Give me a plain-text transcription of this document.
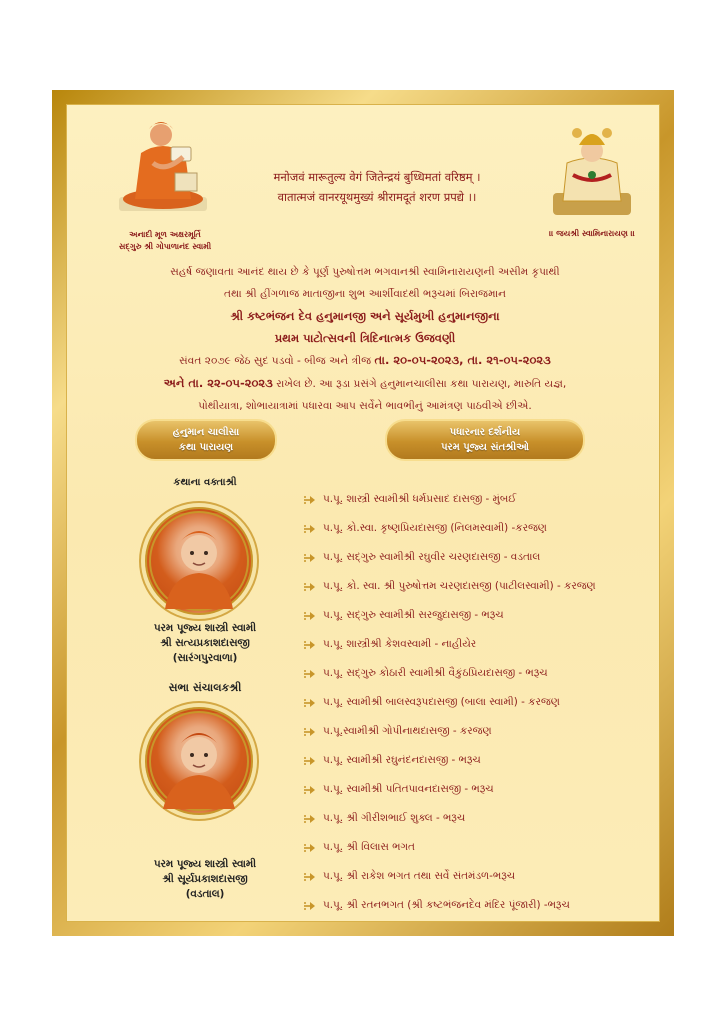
અનાદી મૂળ અક્ષરમૂર્તિ
સદ્ગુરુ શ્રી ગોપાળાનંદ સ્વામી
मनोजवं मारूतुल्य वेगं जितेन्द्रयं बुध्धिमतां वरिष्ठम् ।
वातात्मजं वानरयूथमुख्यं श्रीरामदूतं शरण प्रपद्ये ।।
।। જયશ્રી સ્વામિનારાયણ ।।
સહર્ષ જણાવતા આનંદ થાય છે કે પૂર્ણ પુરુષોત્તમ ભગવાનશ્રી સ્વામિનારાયણની અસીમ કૃપાથી
તથા શ્રી હીંગળાજ માતાજીના શુભ આર્શીવાદથી ભરૂચમાં બિરાજમાન
શ્રી કષ્ટભંજન દેવ હનુમાનજી અને સૂર્યમુખી હનુમાનજીના
પ્રથમ પાટોત્સવની ત્રિદિનાત્મક ઉજવણી
સંવત ૨૦૭૯ જેઠ સુદ પડવો - બીજ અને ત્રીજ તા. ૨૦-૦૫-૨૦૨૩, તા. ૨૧-૦૫-૨૦૨૩
અને તા. ૨૨-૦૫-૨૦૨૩ રાખેલ છે. આ રૂડા પ્રસંગે હનુમાનચાલીસા કથા પારાયણ, મારુતિ યજ્ઞ,
પોથીયાત્રા, શોભાયાત્રામાં પધારવા આપ સર્વેને ભાવભીનું આમંત્રણ પાઠવીએ છીએ.
હનુમાન ચાલીસા
કથા પારાયણ
પધારનાર દર્શનીય
પરમ પૂજ્ય સંતશ્રીઓ
કથાના વક્તાશ્રી
પરમ પૂજ્ય શાસ્ત્રી સ્વામી
શ્રી સત્યપ્રકાશદાસજી
(સારંગપુરવાળા)
સભા સંચાલકશ્રી
પરમ પૂજ્ય શાસ્ત્રી સ્વામી
શ્રી સૂર્યપ્રકાશદાસજી
(વડતાલ)
પ.પૂ. શાસ્ત્રી સ્વામીશ્રી ધર્મપ્રસાદ દાસજી - મુંબઈ
પ.પૂ. કો.સ્વા. કૃષ્ણપ્રિયદાસજી (નિલમસ્વામી) -કરજણ
પ.પૂ. સદ્ગુરુ સ્વામીશ્રી રઘુવીર ચરણદાસજી - વડતાલ
પ.પૂ. કો. સ્વા. શ્રી પુરુષોત્તમ ચરણદાસજી (પાટીલસ્વામી) - કરજણ
પ.પૂ. સદ્ગુરુ સ્વામીશ્રી સરજુદાસજી - ભરૂચ
પ.પૂ. શાસ્ત્રીશ્રી કેશવસ્વામી - નાહીયેર
પ.પૂ. સદ્ગુરુ કોઠારી સ્વામીશ્રી વૈકુંઠપ્રિયદાસજી - ભરૂચ
પ.પૂ. સ્વામીશ્રી બાલસ્વરૂપદાસજી (બાલા સ્વામી) - કરજણ
પ.પૂ.સ્વામીશ્રી ગોપીનાથદાસજી - કરજણ
પ.પૂ. સ્વામીશ્રી રઘુનંદનદાસજી - ભરૂચ
પ.પૂ. સ્વામીશ્રી પતિતપાવનદાસજી - ભરૂચ
પ.પૂ. શ્રી ગીરીશભાઈ શુક્લ - ભરૂચ
પ.પૂ. શ્રી વિલાસ ભગત
પ.પૂ. શ્રી રાકેશ ભગત તથા સર્વે સંતમંડળ-ભરૂચ
પ.પૂ. શ્રી રતનભગત (શ્રી કષ્ટભંજનદેવ મંદિર પૂંજારી) -ભરૂચ
